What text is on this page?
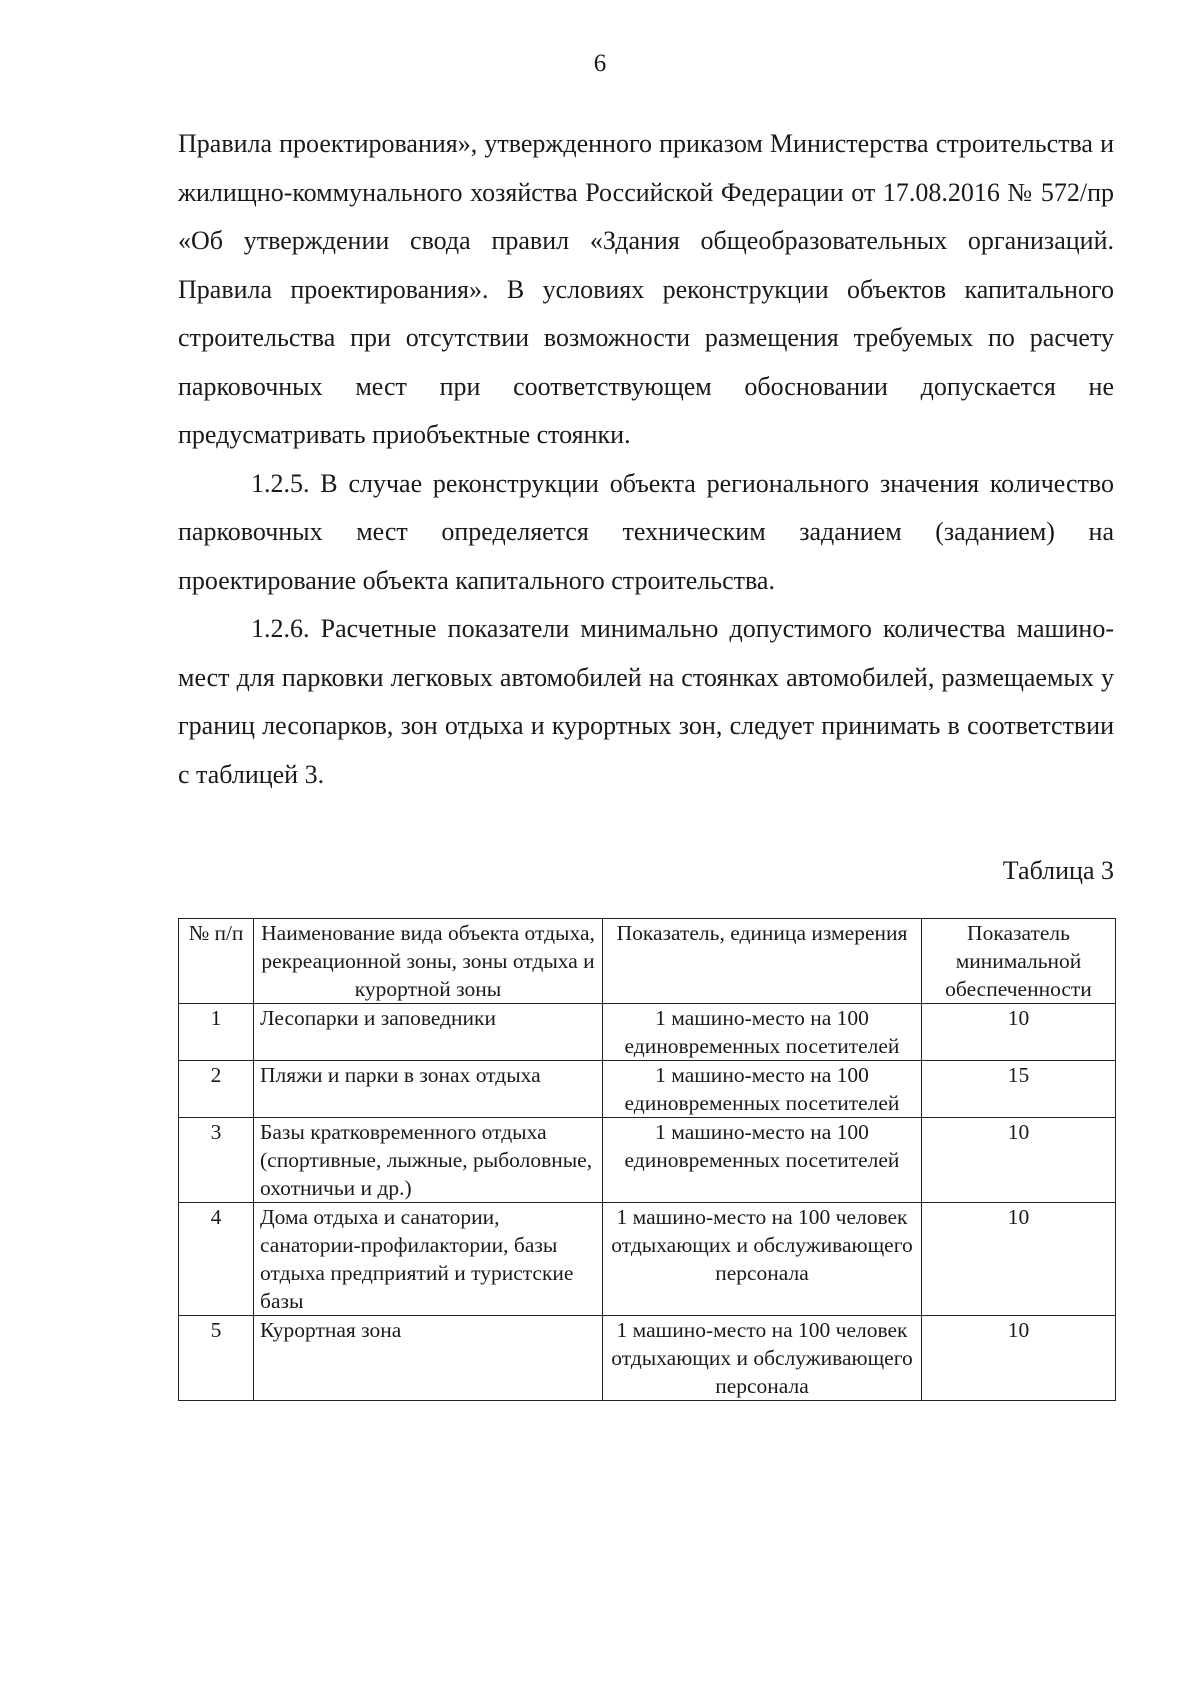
6

Правила проектирования», утвержденного приказом Министерства строительства и жилищно-коммунального хозяйства Российской Федерации от 17.08.2016 № 572/пр «Об утверждении свода правил «Здания общеобразовательных организаций. Правила проектирования». В условиях реконструкции объектов капитального строительства при отсутствии возможности размещения требуемых по расчету парковочных мест при соответствующем обосновании допускается не предусматривать приобъектные стоянки.

1.2.5. В случае реконструкции объекта регионального значения количество парковочных мест определяется техническим заданием (заданием) на проектирование объекта капитального строительства.

1.2.6. Расчетные показатели минимально допустимого количества машино-мест для парковки легковых автомобилей на стоянках автомобилей, размещаемых у границ лесопарков, зон отдыха и курортных зон, следует принимать в соответствии с таблицей 3.

Таблица 3
№ п/п	Наименование вида объекта отдыха, рекреационной зоны, зоны отдыха и курортной зоны	Показатель, единица измерения	Показатель минимальной обеспеченности
1	Лесопарки и заповедники	1 машино-место на 100 единовременных посетителей	10
2	Пляжи и парки в зонах отдыха	1 машино-место на 100 единовременных посетителей	15
3	Базы кратковременного отдыха (спортивные, лыжные, рыболовные, охотничьи и др.)	1 машино-место на 100 единовременных посетителей	10
4	Дома отдыха и санатории, санатории-профилактории, базы отдыха предприятий и туристские базы	1 машино-место на 100 человек отдыхающих и обслуживающего персонала	10
5	Курортная зона	1 машино-место на 100 человек отдыхающих и обслуживающего персонала	10
